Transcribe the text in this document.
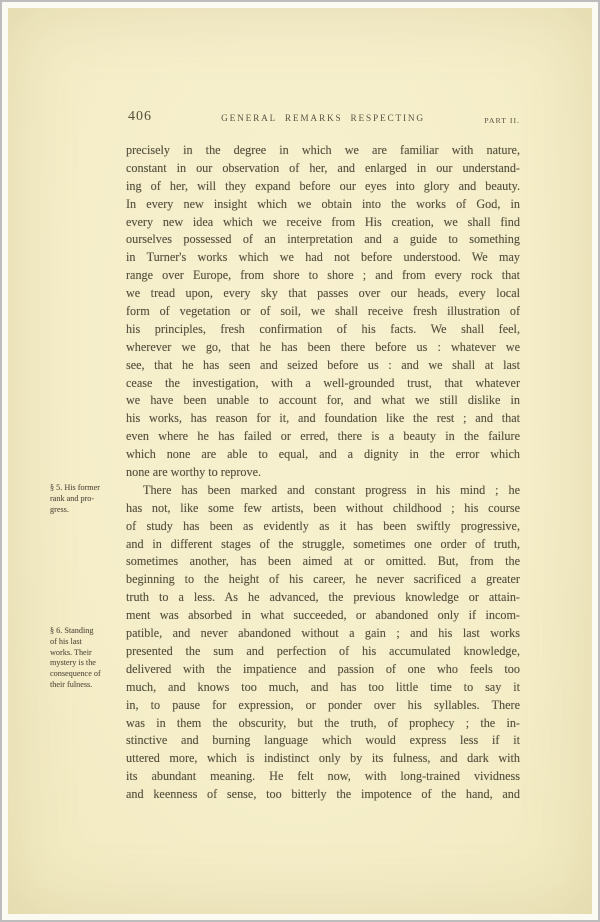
406	GENERAL REMARKS RESPECTING	PART II.
precisely in the degree in which we are familiar with nature,
constant in our observation of her, and enlarged in our understand-
ing of her, will they expand before our eyes into glory and beauty.
In every new insight which we obtain into the works of God, in
every new idea which we receive from His creation, we shall find
ourselves possessed of an interpretation and a guide to something
in Turner's works which we had not before understood. We may
range over Europe, from shore to shore ; and from every rock that
we tread upon, every sky that passes over our heads, every local
form of vegetation or of soil, we shall receive fresh illustration of
his principles, fresh confirmation of his facts. We shall feel,
wherever we go, that he has been there before us : whatever we
see, that he has seen and seized before us : and we shall at last
cease the investigation, with a well-grounded trust, that whatever
we have been unable to account for, and what we still dislike in
his works, has reason for it, and foundation like the rest ; and that
even where he has failed or erred, there is a beauty in the failure
which none are able to equal, and a dignity in the error which
none are worthy to reprove.
There has been marked and constant progress in his mind ; he
has not, like some few artists, been without childhood ; his course
of study has been as evidently as it has been swiftly progressive,
and in different stages of the struggle, sometimes one order of truth,
sometimes another, has been aimed at or omitted. But, from the
beginning to the height of his career, he never sacrificed a greater
truth to a less. As he advanced, the previous knowledge or attain-
ment was absorbed in what succeeded, or abandoned only if incom-
patible, and never abandoned without a gain ; and his last works
presented the sum and perfection of his accumulated knowledge,
delivered with the impatience and passion of one who feels too
much, and knows too much, and has too little time to say it
in, to pause for expression, or ponder over his syllables. There
was in them the obscurity, but the truth, of prophecy ; the in-
stinctive and burning language which would express less if it
uttered more, which is indistinct only by its fulness, and dark with
its abundant meaning. He felt now, with long-trained vividness
and keenness of sense, too bitterly the impotence of the hand, and
§ 5. His former
rank and pro-
gress.
§ 6. Standing
of his last
works. Their
mystery is the
consequence of
their fulness.
